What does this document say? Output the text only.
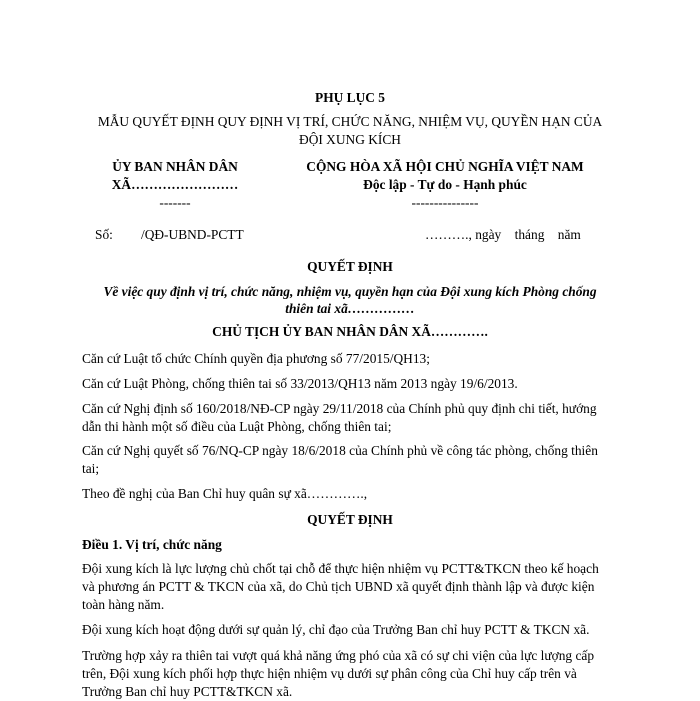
PHỤ LỤC 5
MẪU QUYẾT ĐỊNH QUY ĐỊNH VỊ TRÍ, CHỨC NĂNG, NHIỆM VỤ, QUYỀN HẠN CỦA
ĐỘI XUNG KÍCH
ỦY BAN NHÂN DÂN
XÃ……………………
-------
CỘNG HÒA XÃ HỘI CHỦ NGHĨA VIỆT NAM
Độc lập - Tự do - Hạnh phúc
---------------
Số: /QĐ-UBND-PCTT	………., ngày    tháng    năm
QUYẾT ĐỊNH
Về việc quy định vị trí, chức năng, nhiệm vụ, quyền hạn của Đội xung kích Phòng chống
thiên tai xã……………
CHỦ TỊCH ỦY BAN NHÂN DÂN XÃ………….
Căn cứ Luật tổ chức Chính quyền địa phương số 77/2015/QH13;
Căn cứ Luật Phòng, chống thiên tai số 33/2013/QH13 năm 2013 ngày 19/6/2013.
Căn cứ Nghị định số 160/2018/NĐ-CP ngày 29/11/2018 của Chính phủ quy định chi tiết, hướng
dẫn thi hành một số điều của Luật Phòng, chống thiên tai;
Căn cứ Nghị quyết số 76/NQ-CP ngày 18/6/2018 của Chính phủ về công tác phòng, chống thiên
tai;
Theo đề nghị của Ban Chỉ huy quân sự xã………….,
QUYẾT ĐỊNH
Điều 1. Vị trí, chức năng
Đội xung kích là lực lượng chủ chốt tại chỗ để thực hiện nhiệm vụ PCTT&TKCN theo kế hoạch
và phương án PCTT & TKCN của xã, do Chủ tịch UBND xã quyết định thành lập và được kiện
toàn hàng năm.
Đội xung kích hoạt động dưới sự quản lý, chỉ đạo của Trưởng Ban chỉ huy PCTT & TKCN xã.
Trường hợp xảy ra thiên tai vượt quá khả năng ứng phó của xã có sự chi viện của lực lượng cấp
trên, Đội xung kích phối hợp thực hiện nhiệm vụ dưới sự phân công của Chỉ huy cấp trên và
Trưởng Ban chỉ huy PCTT&TKCN xã.
